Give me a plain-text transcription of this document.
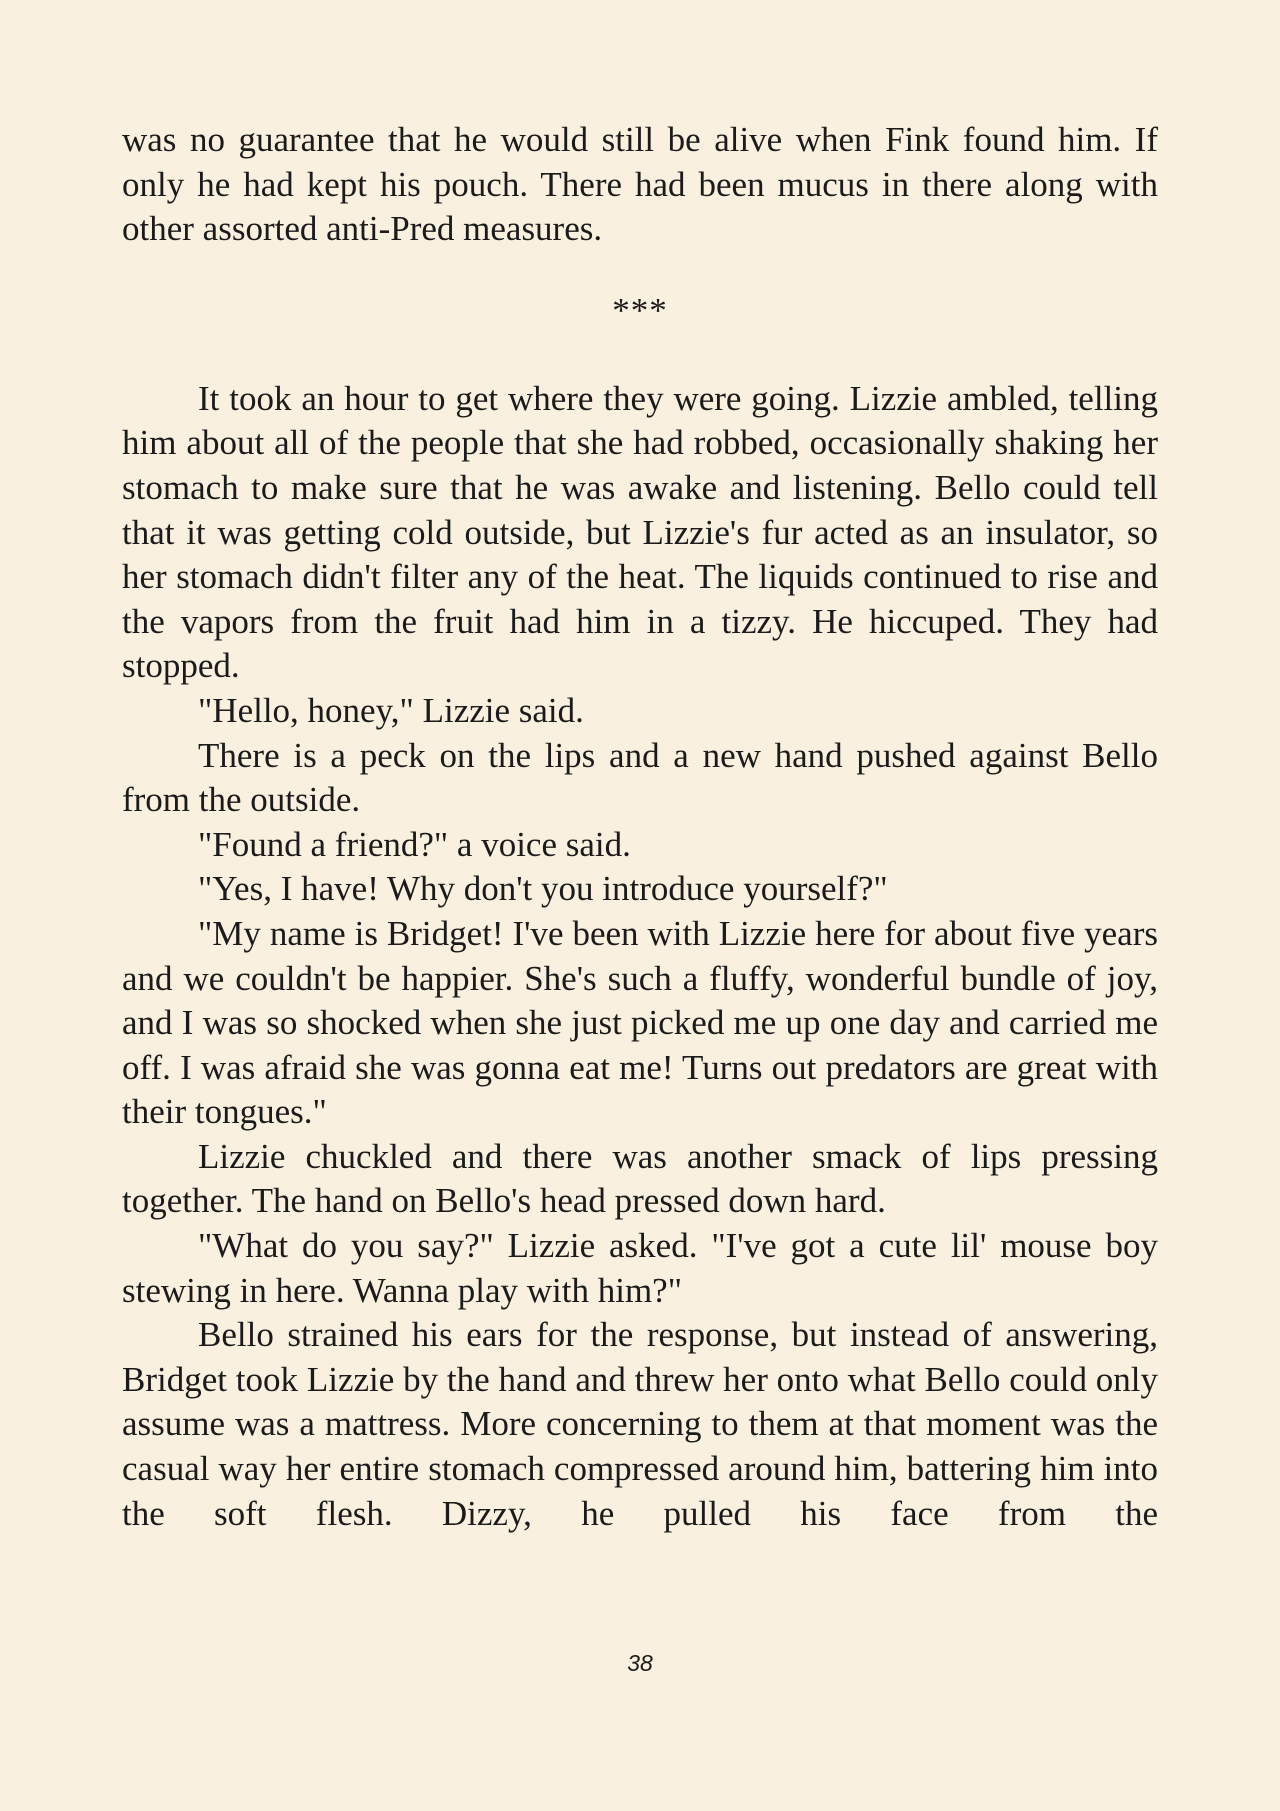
was no guarantee that he would still be alive when Fink found him. If only he had kept his pouch. There had been mucus in there along with other assorted anti-Pred measures.

***

It took an hour to get where they were going. Lizzie ambled, telling him about all of the people that she had robbed, occasionally shaking her stomach to make sure that he was awake and listening. Bello could tell that it was getting cold outside, but Lizzie's fur acted as an insulator, so her stomach didn't filter any of the heat. The liquids continued to rise and the vapors from the fruit had him in a tizzy. He hiccuped. They had stopped.

"Hello, honey," Lizzie said.

There is a peck on the lips and a new hand pushed against Bello from the outside.

"Found a friend?" a voice said.

"Yes, I have! Why don't you introduce yourself?"

"My name is Bridget! I've been with Lizzie here for about five years and we couldn't be happier. She's such a fluffy, wonderful bundle of joy, and I was so shocked when she just picked me up one day and carried me off. I was afraid she was gonna eat me! Turns out predators are great with their tongues."

Lizzie chuckled and there was another smack of lips pressing together. The hand on Bello's head pressed down hard.

"What do you say?" Lizzie asked. "I've got a cute lil' mouse boy stewing in here. Wanna play with him?"

Bello strained his ears for the response, but instead of answering, Bridget took Lizzie by the hand and threw her onto what Bello could only assume was a mattress. More concerning to them at that moment was the casual way her entire stomach compressed around him, battering him into the soft flesh. Dizzy, he pulled his face from the

38
